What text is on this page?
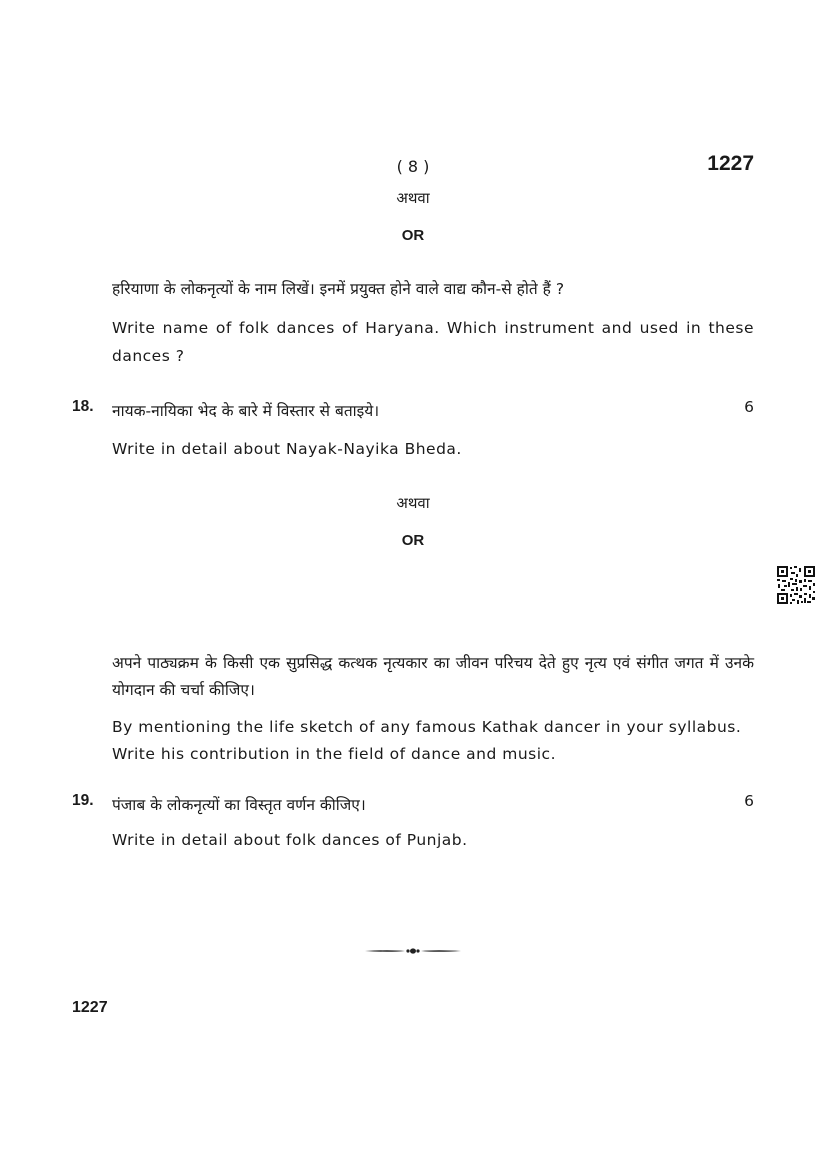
( 8 )	1227
अथवा
OR
हरियाणा के लोकनृत्यों के नाम लिखें। इनमें प्रयुक्त होने वाले वाद्य कौन-से होते हैं ?
Write name of folk dances of Haryana. Which instrument and used in these dances ?
18. नायक-नायिका भेद के बारे में विस्तार से बताइये।	6
Write in detail about Nayak-Nayika Bheda.
अथवा
OR
अपने पाठ्यक्रम के किसी एक सुप्रसिद्ध कत्थक नृत्यकार का जीवन परिचय देते हुए नृत्य एवं संगीत जगत में उनके योगदान की चर्चा कीजिए।
By mentioning the life sketch of any famous Kathak dancer in your syllabus.
Write his contribution in the field of dance and music.
19. पंजाब के लोकनृत्यों का विस्तृत वर्णन कीजिए।	6
Write in detail about folk dances of Punjab.
1227
